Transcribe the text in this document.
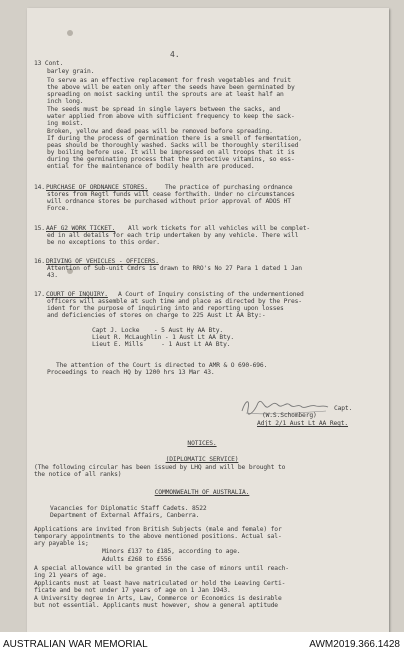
4.
13 Cont.
barley grain.
To serve as an effective replacement for fresh vegetables and fruit
the above will be eaten only after the seeds have been germinated by
spreading on moist sacking until the sprouts are at least half an
inch long.
The seeds must be spread in single layers between the sacks, and
water applied from above with sufficient frequency to keep the sack-
ing moist.
Broken, yellow and dead peas will be removed before spreading.
If during the process of germination there is a smell of fermentation,
peas should be thoroughly washed. Sacks will be thoroughly sterilised
by boiling before use. It will be impressed on all troops that it is
during the germinating process that the protective vitamins, so ess-
ential for the maintenance of bodily health are produced.
14. PURCHASE OF ORDNANCE STORES.	The practice of purchasing ordnance
stores from Regtl funds will cease forthwith. Under no circumstances
will ordnance stores be purchased without prior approval of ADOS HT
Force.
15. AAF G2 WORK TICKET. All work tickets for all vehicles will be complet-
ed in all details for each trip undertaken by any vehicle. There will
be no exceptions to this order.
16. DRIVING OF VEHICLES - OFFICERS.
Attention of Sub-unit Cmdrs is drawn to RRO's No 27 Para 1 dated 1 Jan
43.
17. COURT OF INQUIRY. A Court of Inquiry consisting of the undermentioned
officers will assemble at such time and place as directed by the Pres-
ident for the purpose of inquiring into and reporting upon losses
and deficiencies of stores on charge to 225 Aust Lt AA Bty:-
Capt J. Locke    - 5 Aust Hy AA Bty.
Lieut R. McLaughlin - 1 Aust Lt AA Bty.
Lieut E. Mills     - 1 Aust Lt AA Bty.
The attention of the Court is directed to AMR & O 690-696.
Proceedings to reach HQ by 1200 hrs 13 Mar 43.
Capt.
(W.S.Schomberg)
Adjt 2/1 Aust Lt AA Regt.
NOTICES.
(DIPLOMATIC SERVICE)
(The following circular has been issued by LHQ and will be brought to
the notice of all ranks)
COMMONWEALTH OF AUSTRALIA.
Vacancies for Diplomatic Staff Cadets. 8522
Department of External Affairs, Canberra.
Applications are invited from British Subjects (male and female) for
temporary appointments to the above mentioned positions. Actual sal-
ary payable is;
Minors £137 to £185, according to age.
Adults £268 to £556
A special allowance will be granted in the case of minors until reach-
ing 21 years of age.
Applicants must at least have matriculated or hold the Leaving Certi-
ficate and be not under 17 years of age on 1 Jan 1943.
A University degree in Arts, Law, Commerce or Economics is desirable
but not essential. Applicants must however, show a general aptitude
AUSTRALIAN WAR MEMORIAL	AWM2019.366.1428
